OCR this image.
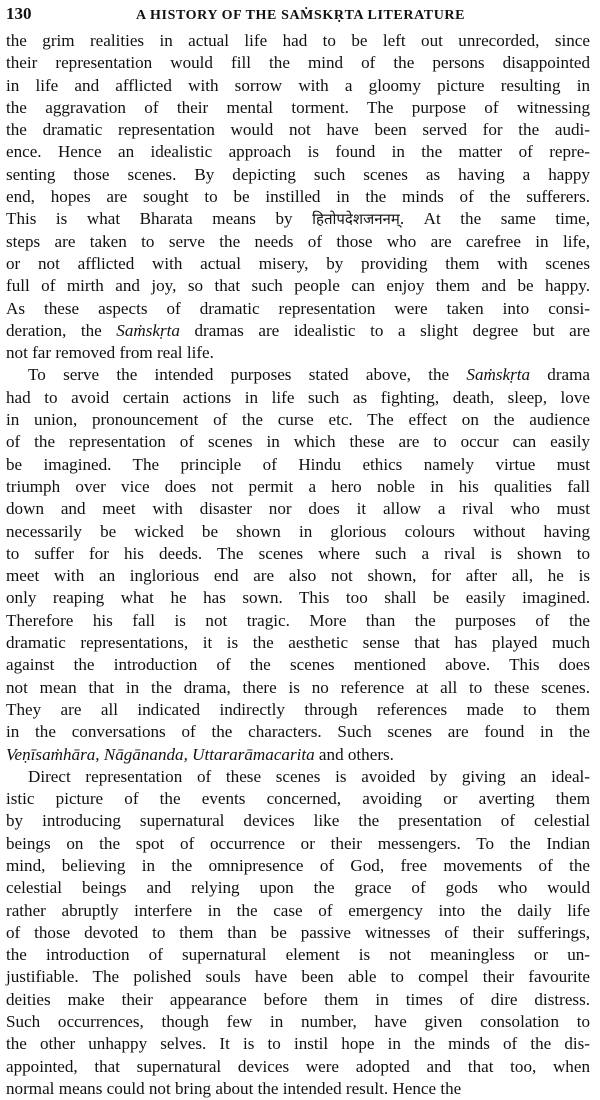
130	A HISTORY OF THE SAṀSKṚTA LITERATURE
the grim realities in actual life had to be left out unrecorded, since
their representation would fill the mind of the persons disappointed
in life and afflicted with sorrow with a gloomy picture resulting in
the aggravation of their mental torment. The purpose of witnessing
the dramatic representation would not have been served for the audi-
ence. Hence an idealistic approach is found in the matter of repre-
senting those scenes. By depicting such scenes as having a happy
end, hopes are sought to be instilled in the minds of the sufferers.
This is what Bharata means by हितोपदेशजननम्. At the same time,
steps are taken to serve the needs of those who are carefree in life,
or not afflicted with actual misery, by providing them with scenes
full of mirth and joy, so that such people can enjoy them and be happy.
As these aspects of dramatic representation were taken into consi-
deration, the Saṁskṛta dramas are idealistic to a slight degree but are
not far removed from real life.
To serve the intended purposes stated above, the Saṁskṛta drama
had to avoid certain actions in life such as fighting, death, sleep, love
in union, pronouncement of the curse etc. The effect on the audience
of the representation of scenes in which these are to occur can easily
be imagined. The principle of Hindu ethics namely virtue must
triumph over vice does not permit a hero noble in his qualities fall
down and meet with disaster nor does it allow a rival who must
necessarily be wicked be shown in glorious colours without having
to suffer for his deeds. The scenes where such a rival is shown to
meet with an inglorious end are also not shown, for after all, he is
only reaping what he has sown. This too shall be easily imagined.
Therefore his fall is not tragic. More than the purposes of the
dramatic representations, it is the aesthetic sense that has played much
against the introduction of the scenes mentioned above. This does
not mean that in the drama, there is no reference at all to these scenes.
They are all indicated indirectly through references made to them
in the conversations of the characters. Such scenes are found in the
Veṇīsaṁhāra, Nāgānanda, Uttararāmacarita and others.
Direct representation of these scenes is avoided by giving an ideal-
istic picture of the events concerned, avoiding or averting them
by introducing supernatural devices like the presentation of celestial
beings on the spot of occurrence or their messengers. To the Indian
mind, believing in the omnipresence of God, free movements of the
celestial beings and relying upon the grace of gods who would
rather abruptly interfere in the case of emergency into the daily life
of those devoted to them than be passive witnesses of their sufferings,
the introduction of supernatural element is not meaningless or un-
justifiable. The polished souls have been able to compel their favourite
deities make their appearance before them in times of dire distress.
Such occurrences, though few in number, have given consolation to
the other unhappy selves. It is to instil hope in the minds of the dis-
appointed, that supernatural devices were adopted and that too, when
normal means could not bring about the intended result. Hence the
